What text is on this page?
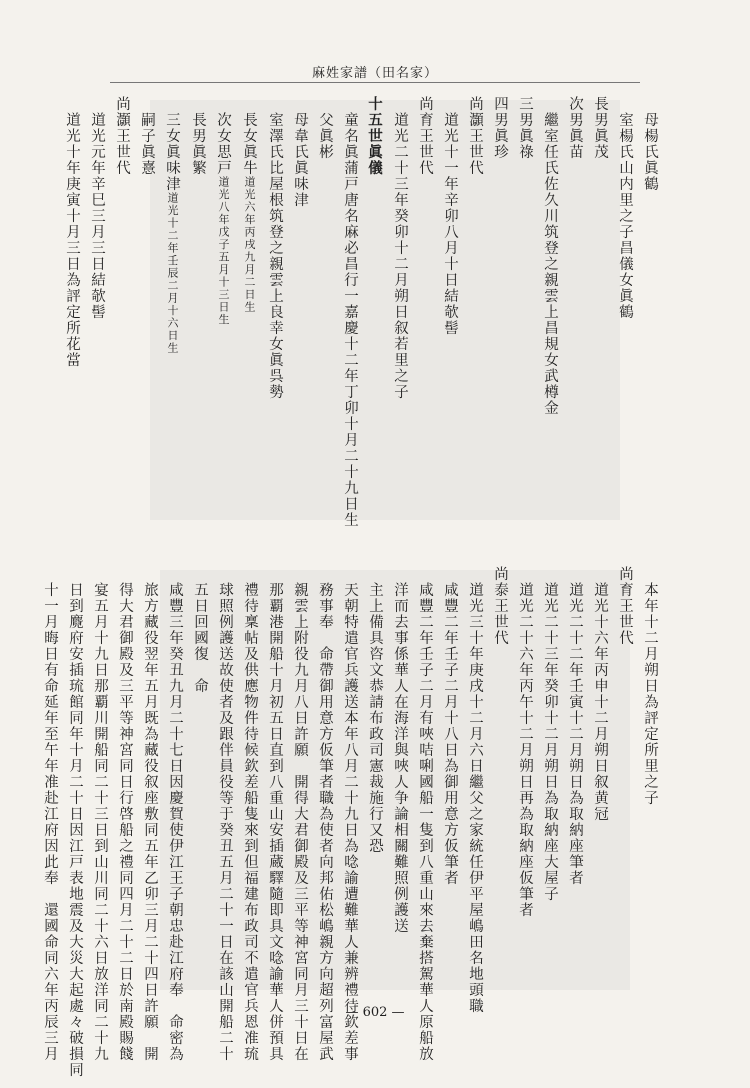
麻姓家譜（田名家）
　母楊氏眞鶴
　室楊氏山内里之子昌儀女眞鶴
長男眞茂
次男眞苗
　繼室任氏佐久川筑登之親雲上昌規女武樽金
三男眞祿
四男眞珍
尚灝王世代
　道光十一年辛卯八月十日結欹髻
尚育王世代
　道光二十三年癸卯十二月朔日叙若里之子
十五世眞儀
　童名眞蒲戸唐名麻必昌行一嘉慶十二年丁卯十月二十九日生
　父眞彬
　母韋氏眞味津
　室澤氏比屋根筑登之親雲上良幸女眞呉勢
　長女眞牛道光六年丙戌九月二日生
　次女思戸道光八年戊子五月十三日生
　長男眞繁
　三女眞味津道光十二年壬辰二月十六日生
　嗣子眞憙
尚灝王世代
　道光元年辛巳三月三日結欹髻
　道光十年庚寅十月三日為評定所花當
　本年十二月朔日為評定所里之子
尚育王世代
　道光十六年丙申十二月朔日叙黄冠
　道光二十二年壬寅十二月朔日為取納座筆者
　道光二十三年癸卯十二月朔日為取納座大屋子
　道光二十六年丙午十二月朔日再為取納座仮筆者
尚泰王世代
　道光三十年庚戌十二月六日繼父之家統任伊平屋嶋田名地頭職
　咸豐二年壬子二月十八日為御用意方仮筆者
　咸豐二年壬子二月有唊咭唎國船一隻到八重山來去棄搭駕華人原船放
　洋而去事係華人在海洋與唊人争論相關難照例護送
　主上備具咨文恭請布政司憲裁施行又恐
　天朝特遣官兵護送本年八月二十九日為唸諭遭難華人兼辨禮待欽差事
　務事奉　命帶御用意方仮筆者職為使者向邦佑松嶋親方向超列富屋武
　親雲上附役九月八日許願　開得大君御殿及三平等神宮同月三十日在
　那覇港開船十月初五日直到八重山安插蔵驛隨即具文唸諭華人併預具
　禮待稟帖及供應物件待候欽差船隻來到但福建布政司不遣官兵恩准琉
　球照例護送故使者及跟伴員役等于癸丑五月二十一日在該山開船二十
　五日回國復　命
　咸豐三年癸丑九月二十七日因慶賀使伊江王子朝忠赴江府奉　命密為
　旅方藏役翌年五月既為藏役叙座敷同五年乙卯三月二十四日許願　開
　得大君御殿及三平等神宮同日行啓船之禮同四月二十二日於南殿賜餞
　宴五月十九日那覇川開船同二十三日到山川同二十六日放洋同二十九
　日到麑府安插琉館同年十月二十日因江戸表地震及大災大起處々破損同
　十一月晦日有命延年至午年准赴江府因此奉　還國命同六年丙辰三月	— 602 —
